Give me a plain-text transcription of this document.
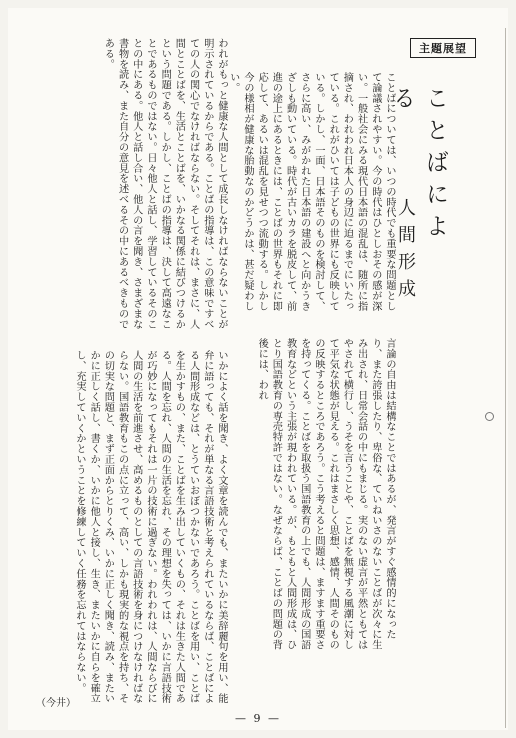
主題展望
ことばによる
人間形成
ことばについては、いつの時代でも重要な問題として論議されやすい。今の時代はひとしおその感が深い。一般社会にみる現代日本語の混乱は、随所に指摘され、われわれ日本人の身辺に迫るまでにいたっている。これがひいては子どもの世界にも反映している。しかし、一面、日本語そのものを検討して、さらに高い、みがかれた日本語の建設へと向かうきざしも動いている。時代が古いカラを脱皮して、前進の途上にあるときには、ことばの世界もそれに即応して、あるいは混乱を見せつつ流動する。しかし今の様相が健康な胎動なのかどうかは、甚だ疑わしい。
言論の自由は結構なことではあるが、発言がすぐ感情的になったり、また誇張したり、卑俗な、ていねいさのないことばが次々に生み出され、日常会話の中にもまじる。実のない虚言が平然ともてはやされて横行し、うそを言うことや、ことばを無視する風潮に対して平気な状態が見える。これはまさしく思想、感情、人間そのものの反映するところであろう。こう考えると問題は、ますます重要さを持ってくる。ことばを取扱う国語教育の上でも、人間形成の国語教育などという主張が現われている。が、もともと人間形成は、ひとり国語教育の専売特許ではない。なぜならば、ことばの問題の背後には、われ
われがもっと健康な人間として成長しなければならないことが明示されているからである。ことばの指導は、この意味ですべての人の関心でなければならない。そしてそれは、まさに、人間とことばを、生活とことばを、いかなる関係に結びつけるかという問題である。しかし、ことばの指導は、決して高遠なことであるものではない。日々他人と話し、学習しているそのことの中にある。他人と話し合い、他人の言を聞き、さまざまな書物を読み、また自分の意見を述べるその中にあるべきものである。
いかによく話を聞き、よく文章を読んでも、またいかに美辞麗句を用い、能弁に語っても、それが単なる言語技術と考えられているならば、ことばによる人間形成などは、とうていおぼつかないであろう。ことばを用い、ことばを生かすもの、また、ことばを生み出していくもの、それは生きた人間である。人間を忘れ、人間の生活を忘れ、その理想を失っては、いかに言語技術が巧妙になってもそれは一片の技術に過ぎない。われわれは、人間ならびに人間の生活を前進させ、高めるものとしての言語技術を身につけなければならない。国語教育もこの点に立って、高い、しかも現実的な視点を持ち、その切実な問題と、まず正面からとりくみ、いかに正しく聞き、読み、またいかに正しく話し、書くか、いかに他人と接し、生き、またいかに自らを確立し、充実していくかということを修練していく任務を忘れてはならない。
（今井）
— 9 —
